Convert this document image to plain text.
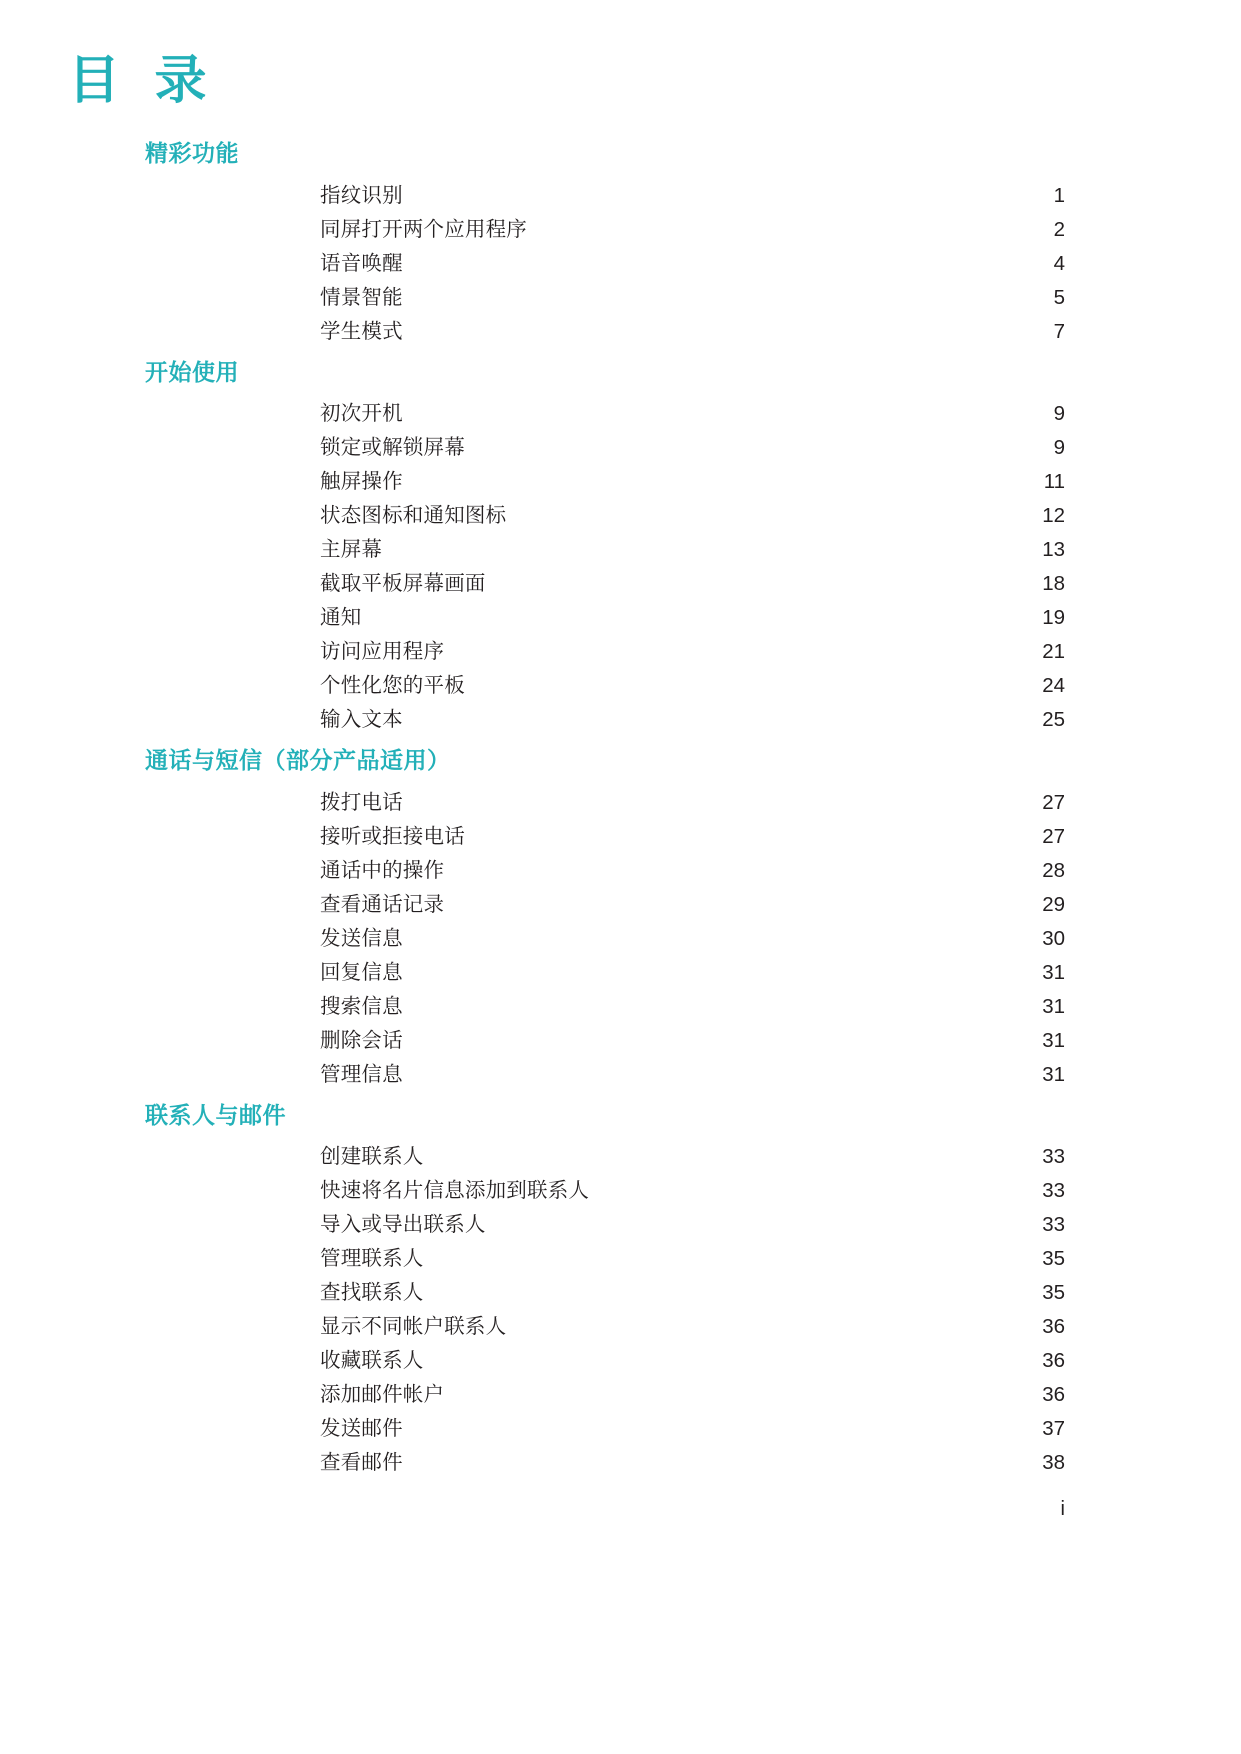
目 录
精彩功能
指纹识别	1
同屏打开两个应用程序	2
语音唤醒	4
情景智能	5
学生模式	7
开始使用
初次开机	9
锁定或解锁屏幕	9
触屏操作	11
状态图标和通知图标	12
主屏幕	13
截取平板屏幕画面	18
通知	19
访问应用程序	21
个性化您的平板	24
输入文本	25
通话与短信（部分产品适用）
拨打电话	27
接听或拒接电话	27
通话中的操作	28
查看通话记录	29
发送信息	30
回复信息	31
搜索信息	31
删除会话	31
管理信息	31
联系人与邮件
创建联系人	33
快速将名片信息添加到联系人	33
导入或导出联系人	33
管理联系人	35
查找联系人	35
显示不同帐户联系人	36
收藏联系人	36
添加邮件帐户	36
发送邮件	37
查看邮件	38
i
